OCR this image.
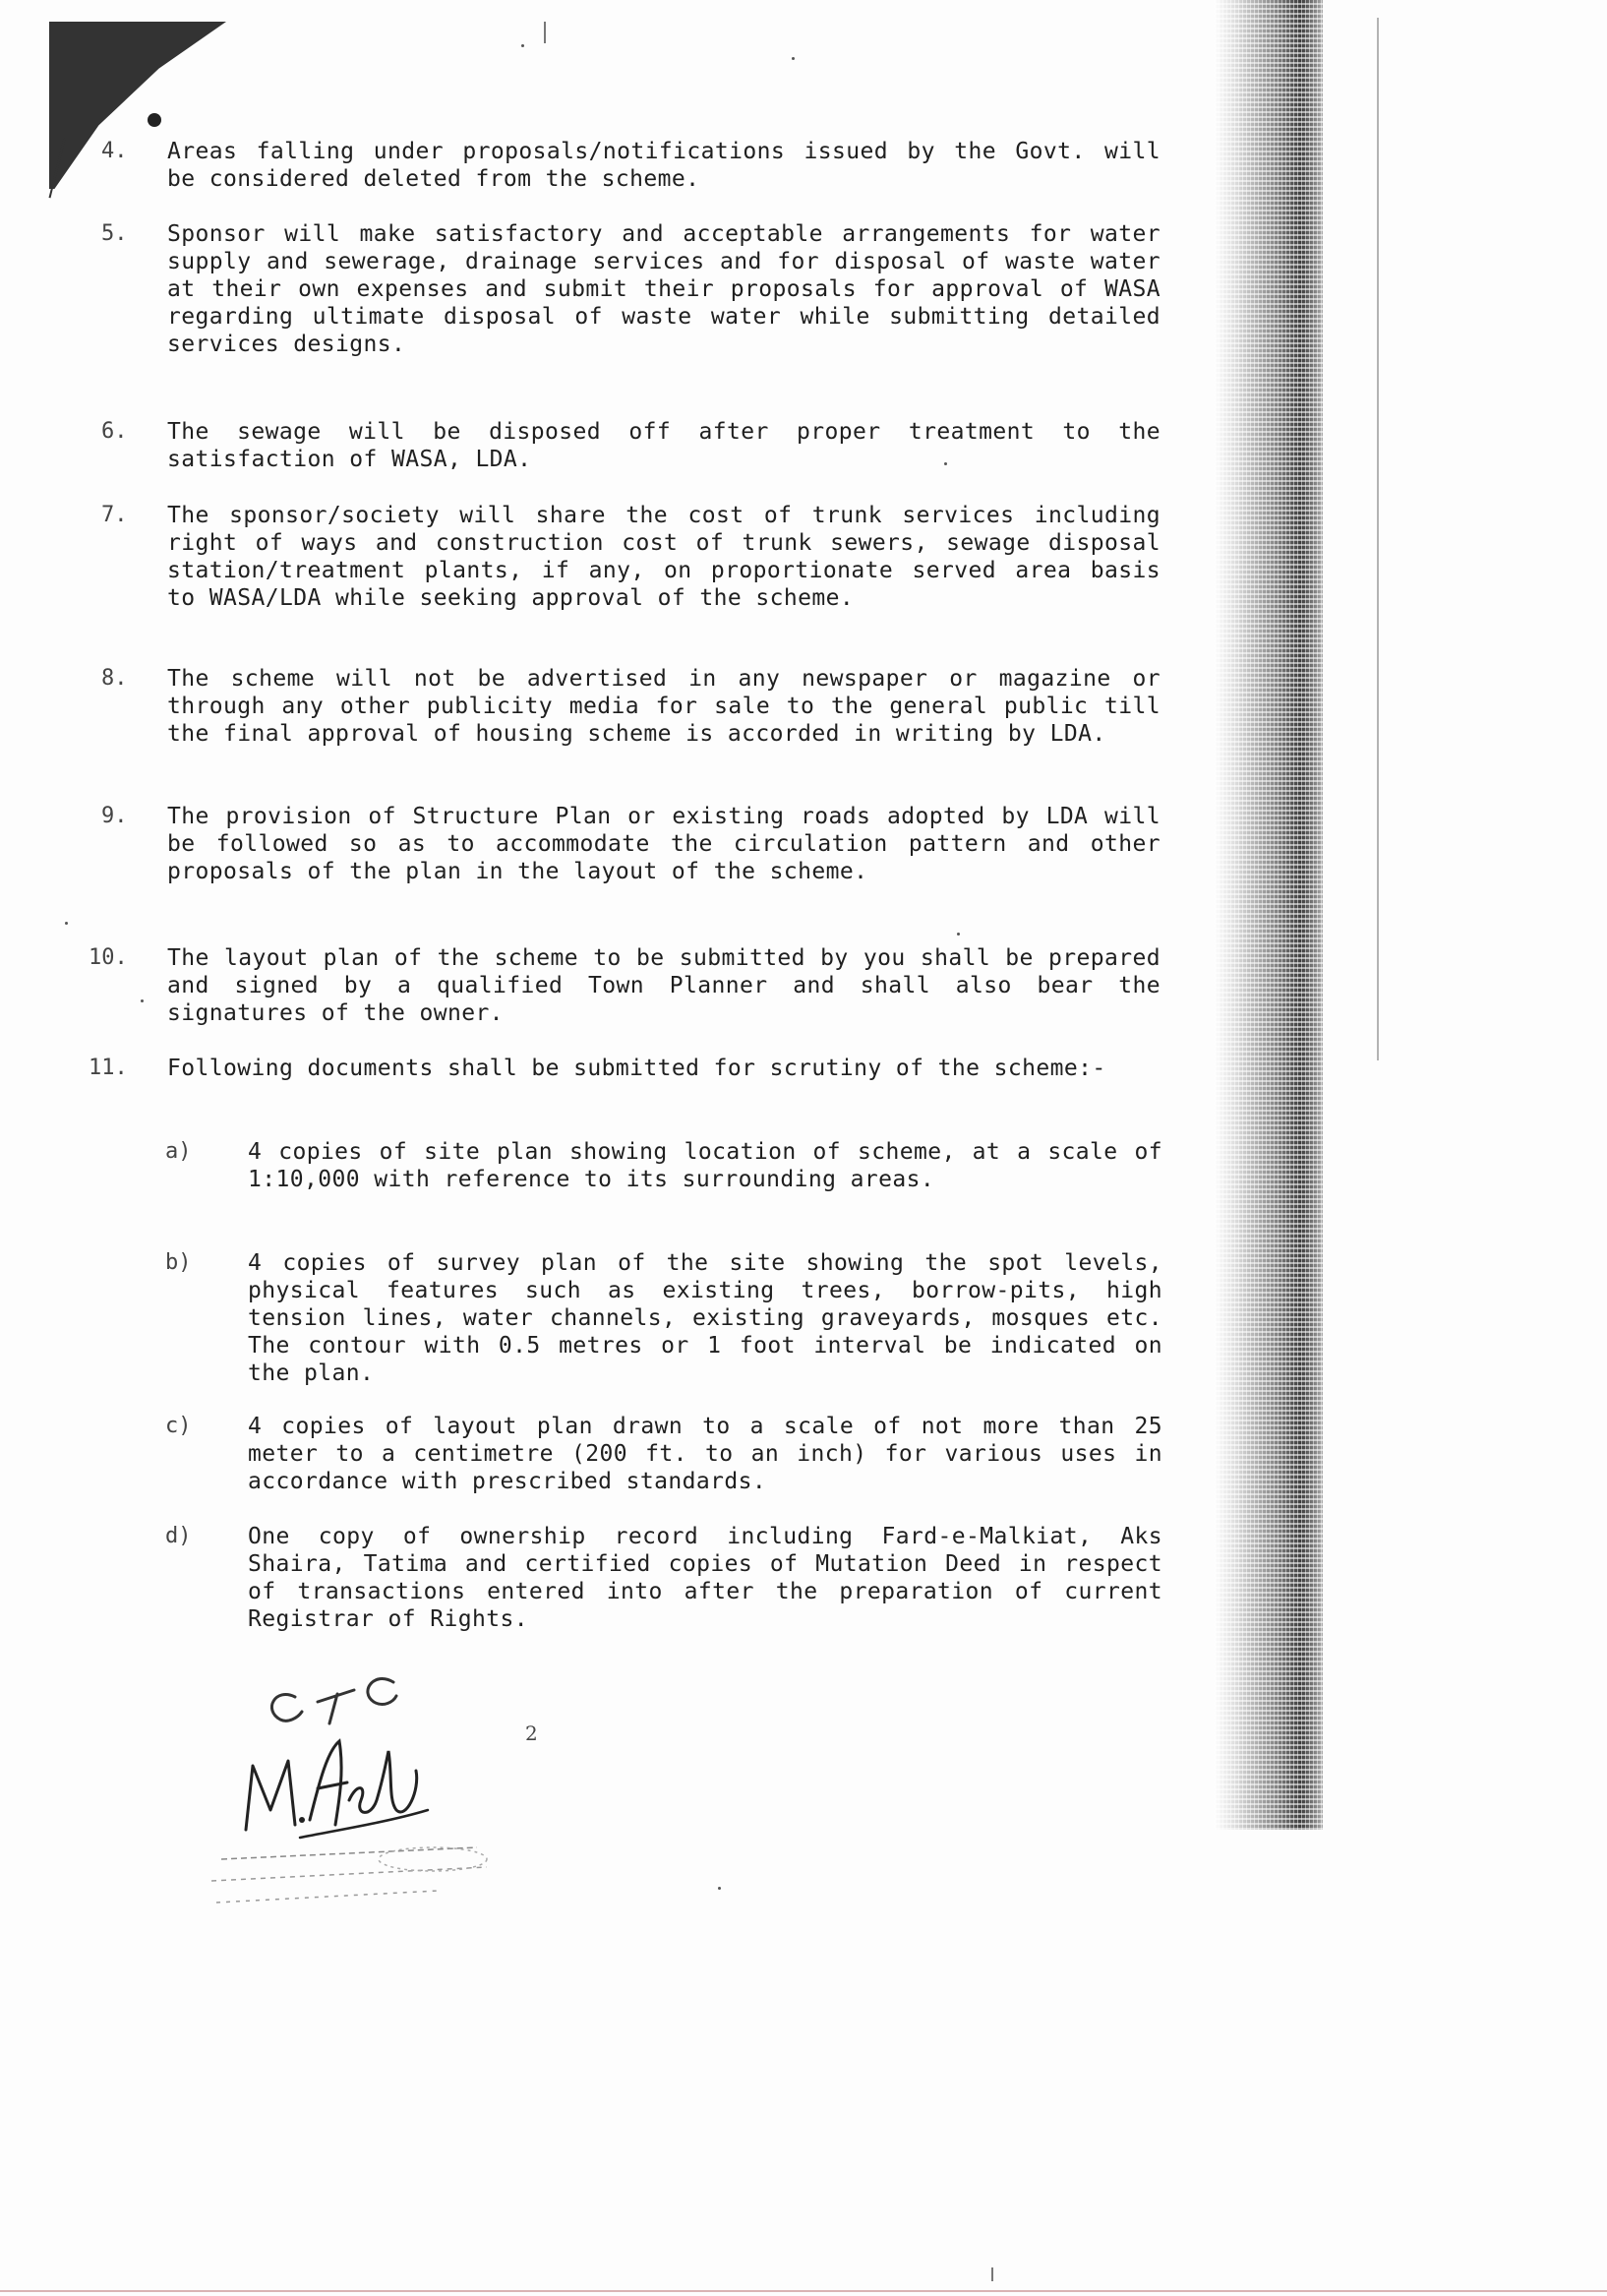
4. Areas falling under proposals/notifications issued by the Govt. will be considered deleted from the scheme.
5. Sponsor will make satisfactory and acceptable arrangements for water supply and sewerage, drainage services and for disposal of waste water at their own expenses and submit their proposals for approval of WASA regarding ultimate disposal of waste water while submitting detailed services designs.
6. The sewage will be disposed off after proper treatment to the satisfaction of WASA, LDA.
7. The sponsor/society will share the cost of trunk services including right of ways and construction cost of trunk sewers, sewage disposal station/treatment plants, if any, on proportionate served area basis to WASA/LDA while seeking approval of the scheme.
8. The scheme will not be advertised in any newspaper or magazine or through any other publicity media for sale to the general public till the final approval of housing scheme is accorded in writing by LDA.
9. The provision of Structure Plan or existing roads adopted by LDA will be followed so as to accommodate the circulation pattern and other proposals of the plan in the layout of the scheme.
10. The layout plan of the scheme to be submitted by you shall be prepared and signed by a qualified Town Planner and shall also bear the signatures of the owner.
11. Following documents shall be submitted for scrutiny of the scheme:-
a)	4 copies of site plan showing location of scheme, at a scale of 1:10,000 with reference to its surrounding areas.
b)	4 copies of survey plan of the site showing the spot levels, physical features such as existing trees, borrow-pits, high tension lines, water channels, existing graveyards, mosques etc. The contour with 0.5 metres or 1 foot interval be indicated on the plan.
c)	4 copies of layout plan drawn to a scale of not more than 25 meter to a centimetre (200 ft. to an inch) for various uses in accordance with prescribed standards.
d)	One copy of ownership record including Fard-e-Malkiat, Aks Shaira, Tatima and certified copies of Mutation Deed in respect of transactions entered into after the preparation of current Registrar of Rights.
2
